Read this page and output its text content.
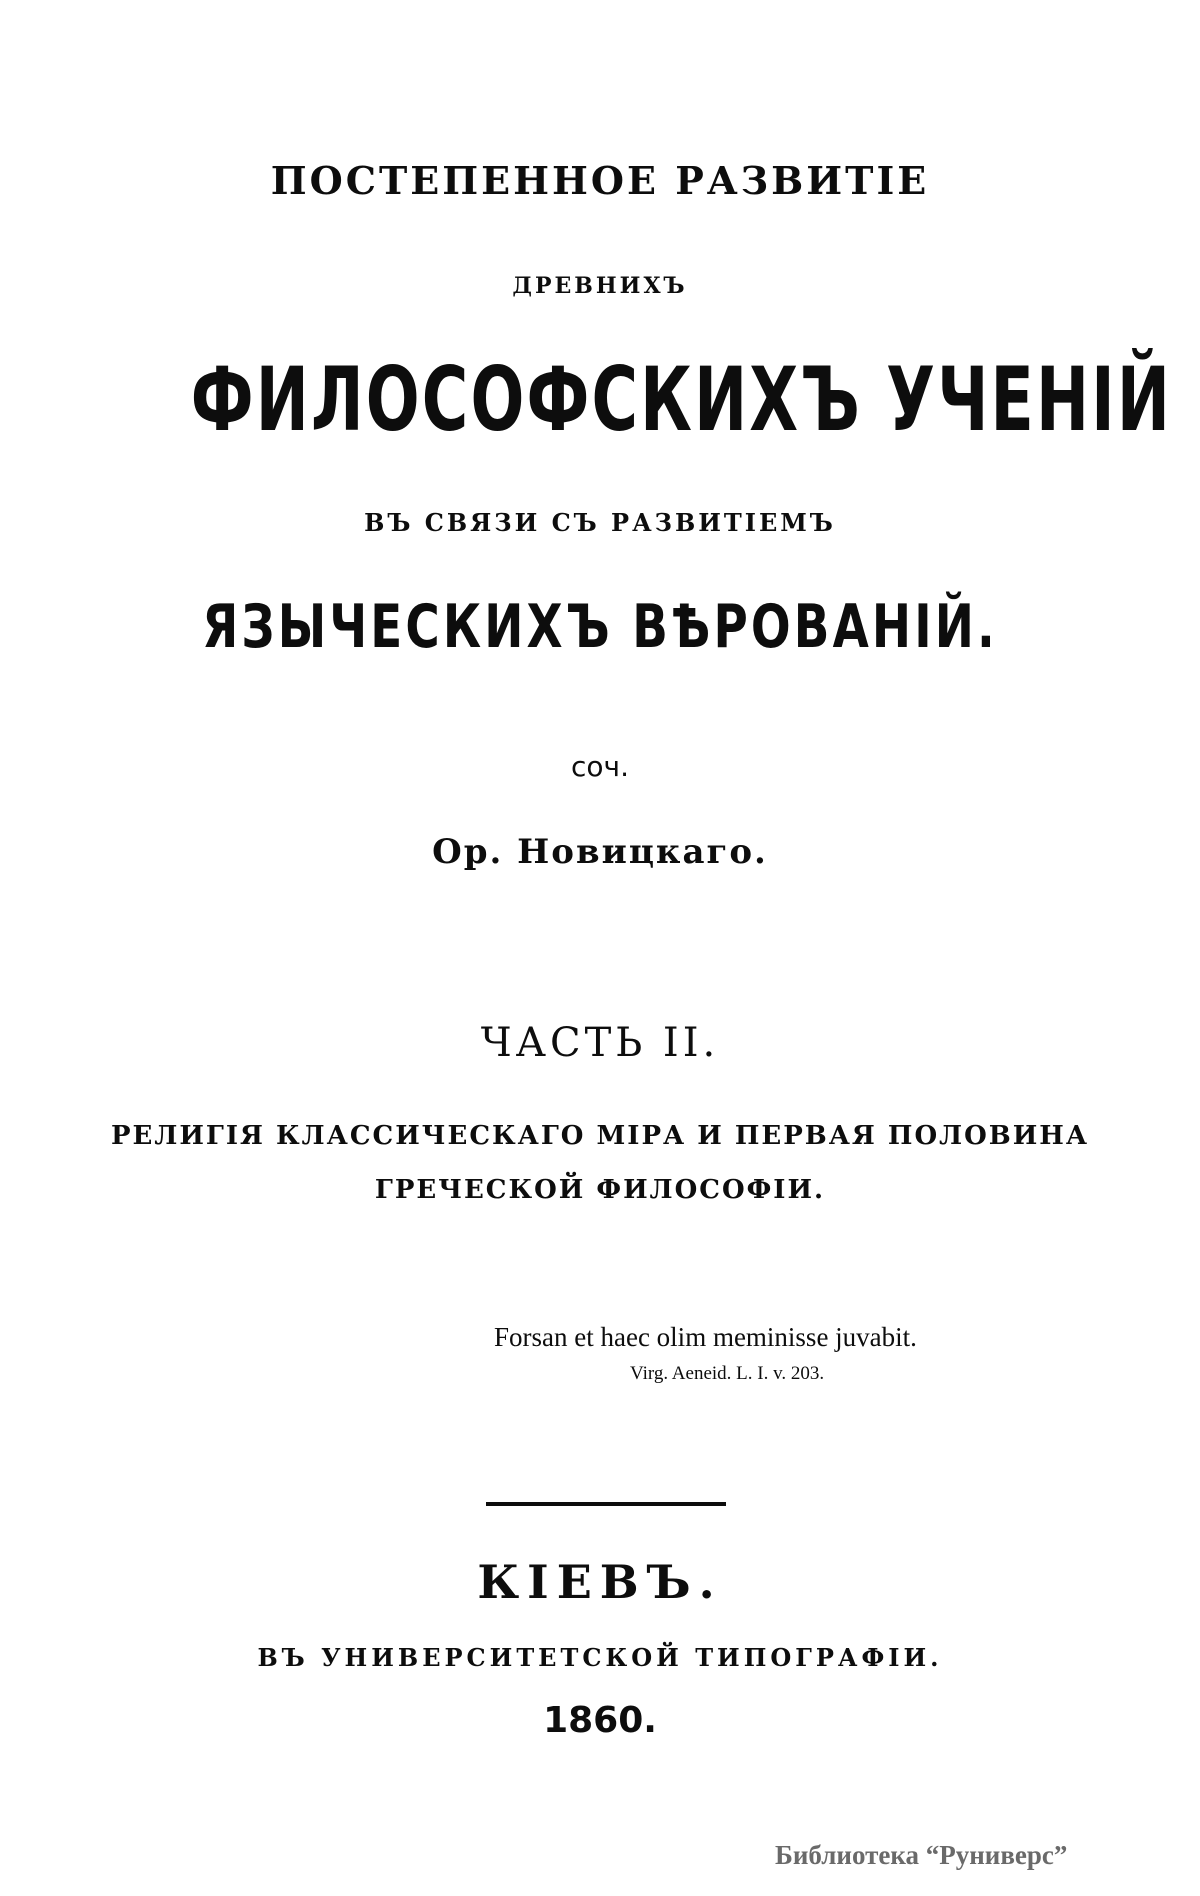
ПОСТЕПЕННОЕ РАЗВИТІЕ
ДРЕВНИХЪ
ФИЛОСОФСКИХЪ УЧЕНІЙ
ВЪ СВЯЗИ СЪ РАЗВИТІЕМЪ
ЯЗЫЧЕСКИХЪ ВѢРОВАНІЙ.
соч.
Ор. Новицкаго.
ЧАСТЬ II.
РЕЛИГІЯ КЛАССИЧЕСКАГО МІРА И ПЕРВАЯ ПОЛОВИНА
ГРЕЧЕСКОЙ ФИЛОСОФІИ.
Forsan et haec olim meminisse juvabit.
Virg. Aeneid. L. I. v. 203.
КІЕВЪ.
ВЪ УНИВЕРСИТЕТСКОЙ ТИПОГРАФІИ.
1860.
Библиотека “Руниверс”
